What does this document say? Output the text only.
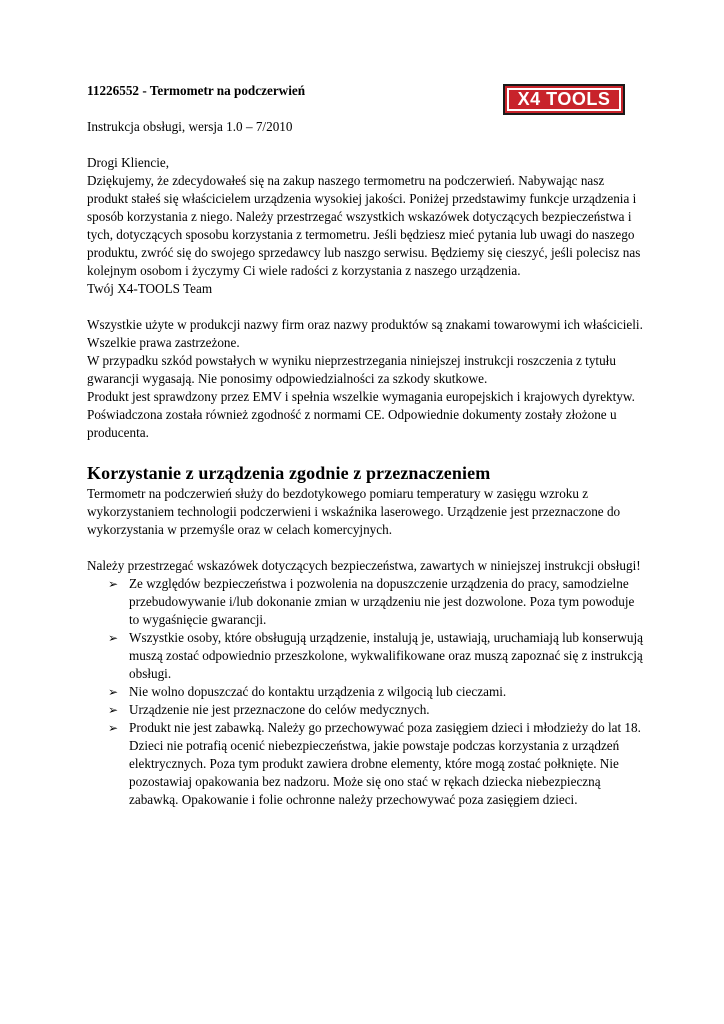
X4 TOOLS

11226552 - Termometr na podczerwień

Instrukcja obsługi, wersja 1.0 – 7/2010

Drogi Kliencie,

Dziękujemy, że zdecydowałeś się na zakup naszego termometru na podczerwień. Nabywając nasz produkt stałeś się właścicielem urządzenia wysokiej jakości. Poniżej przedstawimy funkcje urządzenia i sposób korzystania z niego. Należy przestrzegać wszystkich wskazówek dotyczących bezpieczeństwa i tych, dotyczących sposobu korzystania z termometru. Jeśli będziesz mieć pytania lub uwagi do naszego produktu, zwróć się do swojego sprzedawcy lub naszgo serwisu. Będziemy się cieszyć, jeśli polecisz nas kolejnym osobom i życzymy Ci wiele radości z korzystania z naszego urządzenia.

Twój X4-TOOLS Team

Wszystkie użyte w produkcji nazwy firm oraz nazwy produktów są znakami towarowymi ich właścicieli. Wszelkie prawa zastrzeżone.

W przypadku szkód powstałych w wyniku nieprzestrzegania niniejszej instrukcji roszczenia z tytułu gwarancji wygasają. Nie ponosimy odpowiedzialności za szkody skutkowe.

Produkt jest sprawdzony przez EMV i spełnia wszelkie wymagania europejskich i krajowych dyrektyw.

Poświadczona została również zgodność z normami CE. Odpowiednie dokumenty zostały złożone u producenta.

Korzystanie z urządzenia zgodnie z przeznaczeniem

Termometr na podczerwień służy do bezdotykowego pomiaru temperatury w zasięgu wzroku z wykorzystaniem technologii podczerwieni i wskaźnika laserowego. Urządzenie jest przeznaczone do wykorzystania w przemyśle oraz w celach komercyjnych.

Należy przestrzegać wskazówek dotyczących bezpieczeństwa, zawartych w niniejszej instrukcji obsługi!

➢ Ze względów bezpieczeństwa i pozwolenia na dopuszczenie urządzenia do pracy, samodzielne przebudowywanie i/lub dokonanie zmian w urządzeniu nie jest dozwolone. Poza tym powoduje to wygaśnięcie gwarancji.
➢ Wszystkie osoby, które obsługują urządzenie, instalują je, ustawiają, uruchamiają lub konserwują muszą zostać odpowiednio przeszkolone, wykwalifikowane oraz muszą zapoznać się z instrukcją obsługi.
➢ Nie wolno dopuszczać do kontaktu urządzenia z wilgocią lub cieczami.
➢ Urządzenie nie jest przeznaczone do celów medycznych.
➢ Produkt nie jest zabawką. Należy go przechowywać poza zasięgiem dzieci i młodzieży do lat 18. Dzieci nie potrafią ocenić niebezpieczeństwa, jakie powstaje podczas korzystania z urządzeń elektrycznych. Poza tym produkt zawiera drobne elementy, które mogą zostać połknięte. Nie pozostawiaj opakowania bez nadzoru. Może się ono stać w rękach dziecka niebezpieczną zabawką. Opakowanie i folie ochronne należy przechowywać poza zasięgiem dzieci.
